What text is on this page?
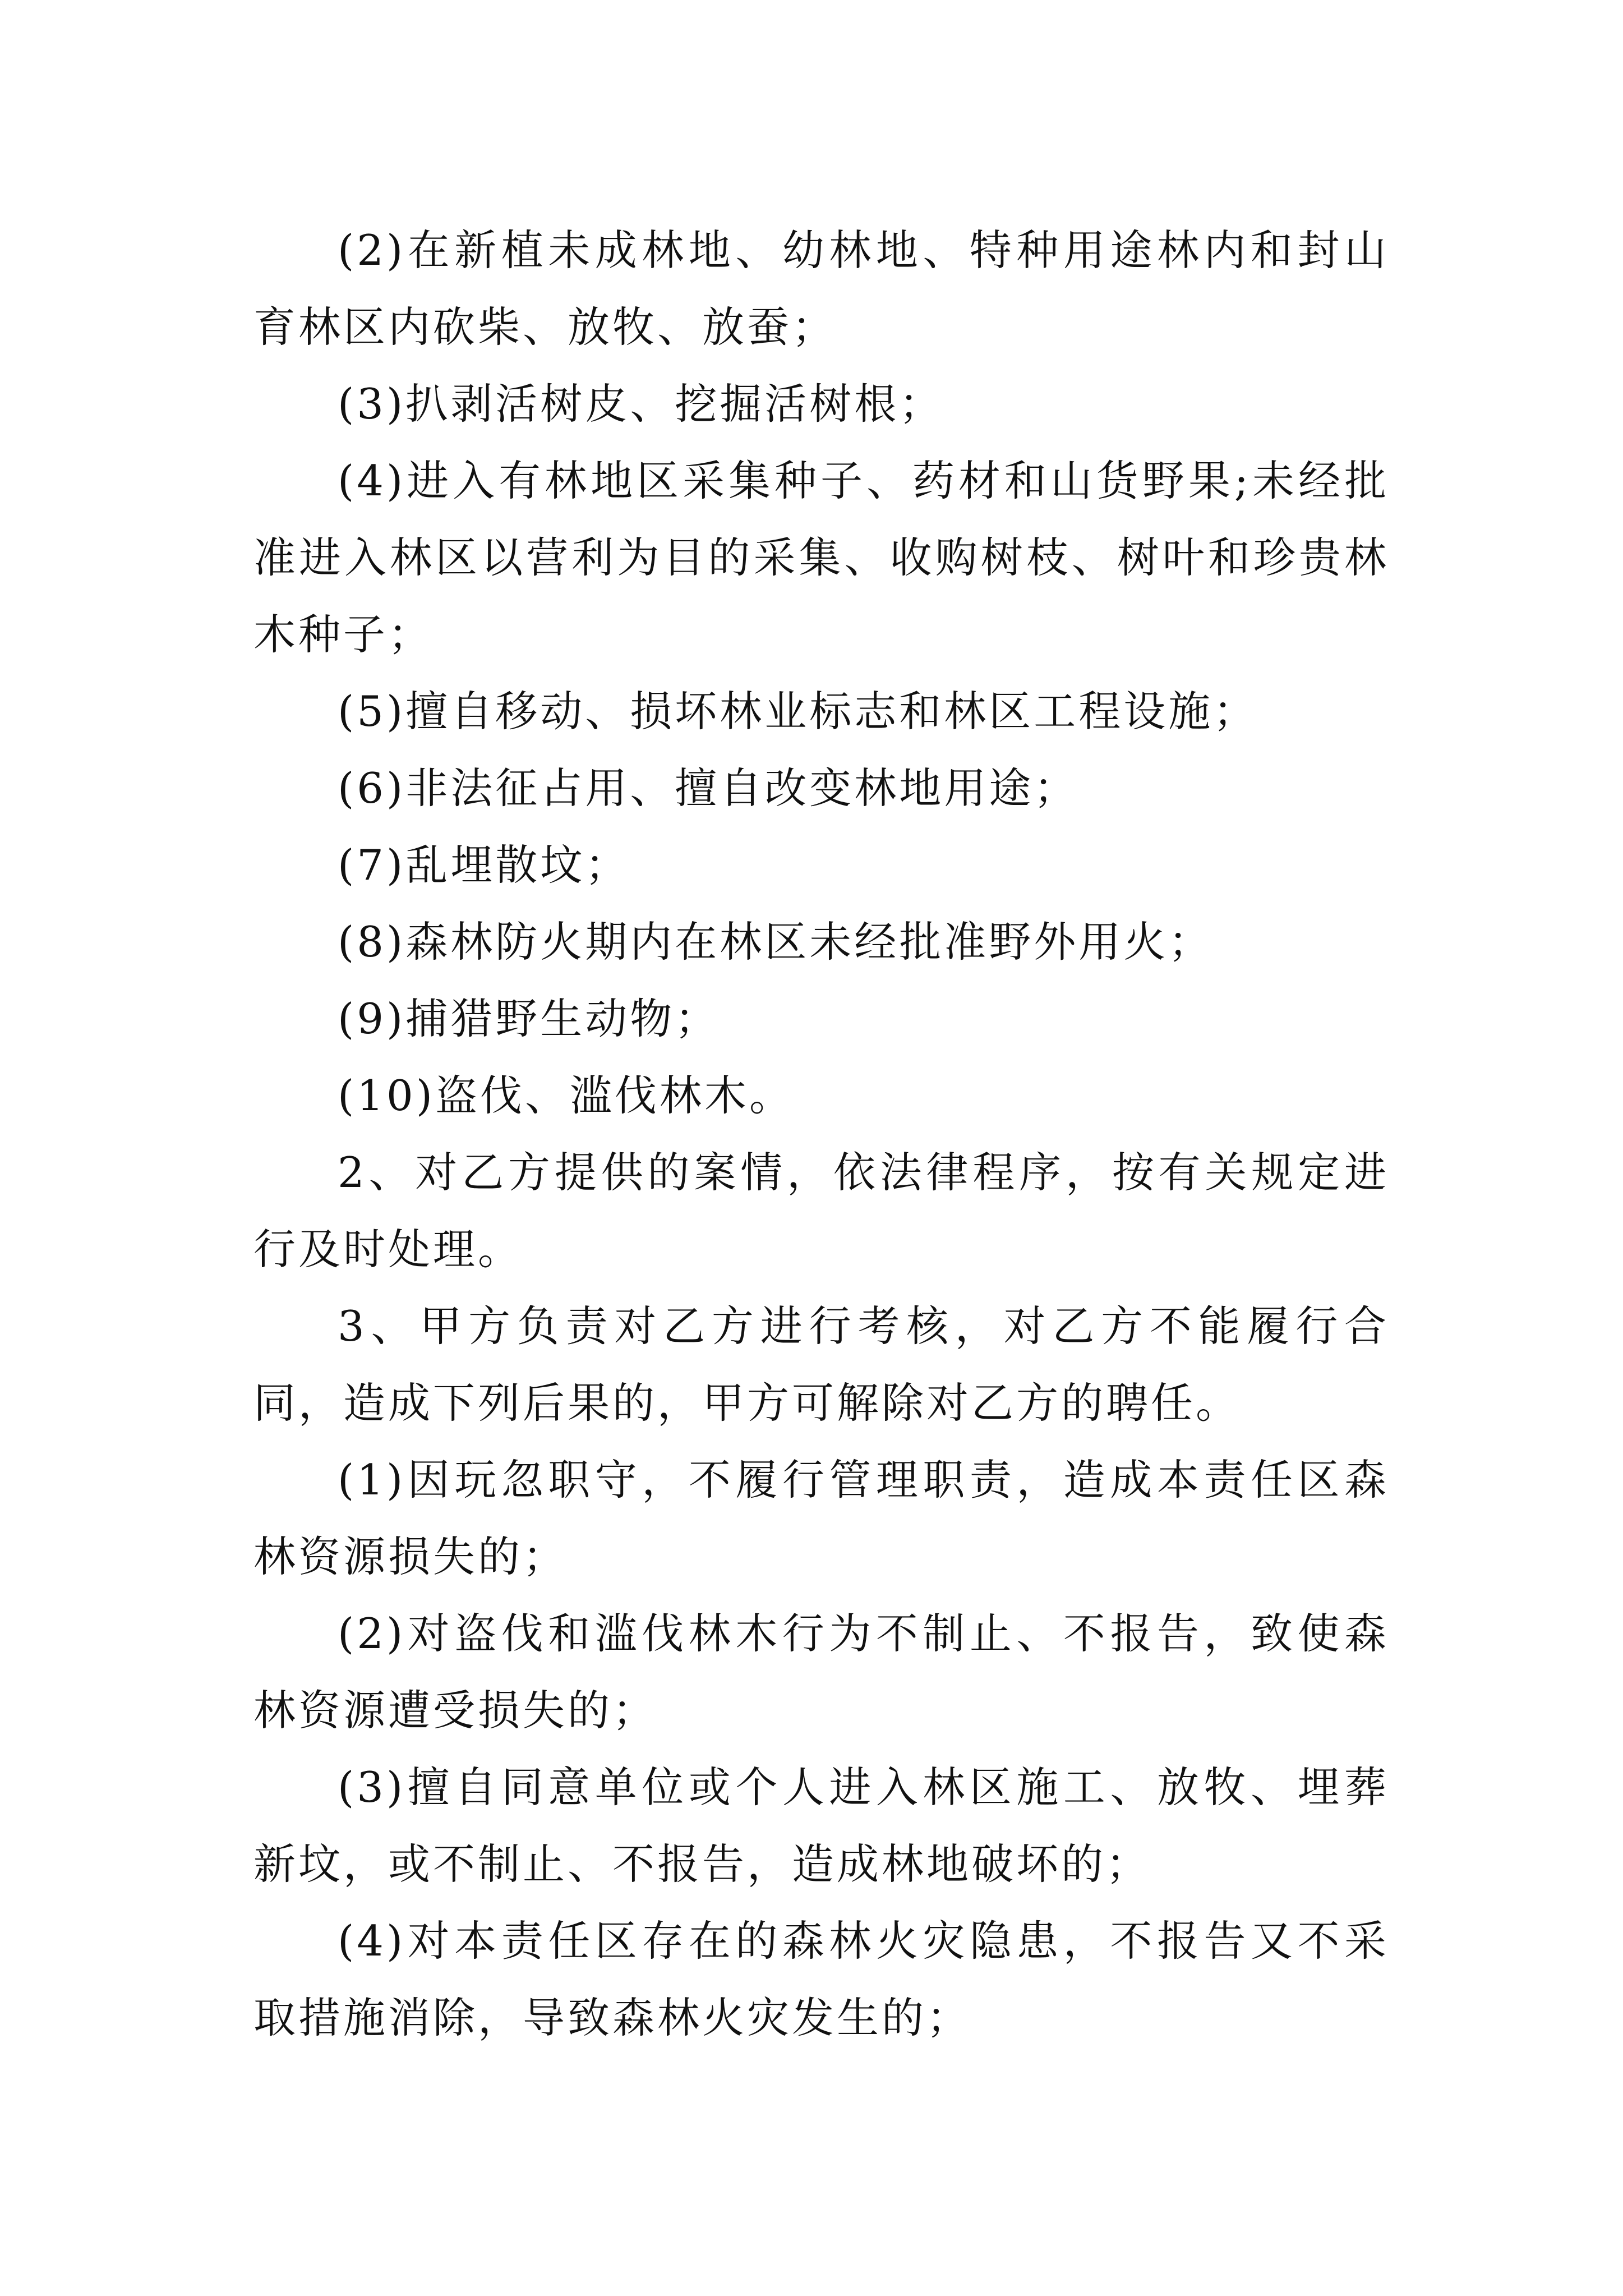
(2)在新植未成林地、幼林地、特种用途林内和封山育林区内砍柴、放牧、放蚕；

(3)扒剥活树皮、挖掘活树根；

(4)进入有林地区采集种子、药材和山货野果;未经批准进入林区以营利为目的采集、收购树枝、树叶和珍贵林木种子；

(5)擅自移动、损坏林业标志和林区工程设施；

(6)非法征占用、擅自改变林地用途；

(7)乱埋散坟；

(8)森林防火期内在林区未经批准野外用火；

(9)捕猎野生动物；

(10)盗伐、滥伐林木。

2、对乙方提供的案情，依法律程序，按有关规定进行及时处理。

3、甲方负责对乙方进行考核，对乙方不能履行合同，造成下列后果的，甲方可解除对乙方的聘任。

(1)因玩忽职守，不履行管理职责，造成本责任区森林资源损失的；

(2)对盗伐和滥伐林木行为不制止、不报告，致使森林资源遭受损失的；

(3)擅自同意单位或个人进入林区施工、放牧、埋葬新坟，或不制止、不报告，造成林地破坏的；

(4)对本责任区存在的森林火灾隐患，不报告又不采取措施消除，导致森林火灾发生的；
